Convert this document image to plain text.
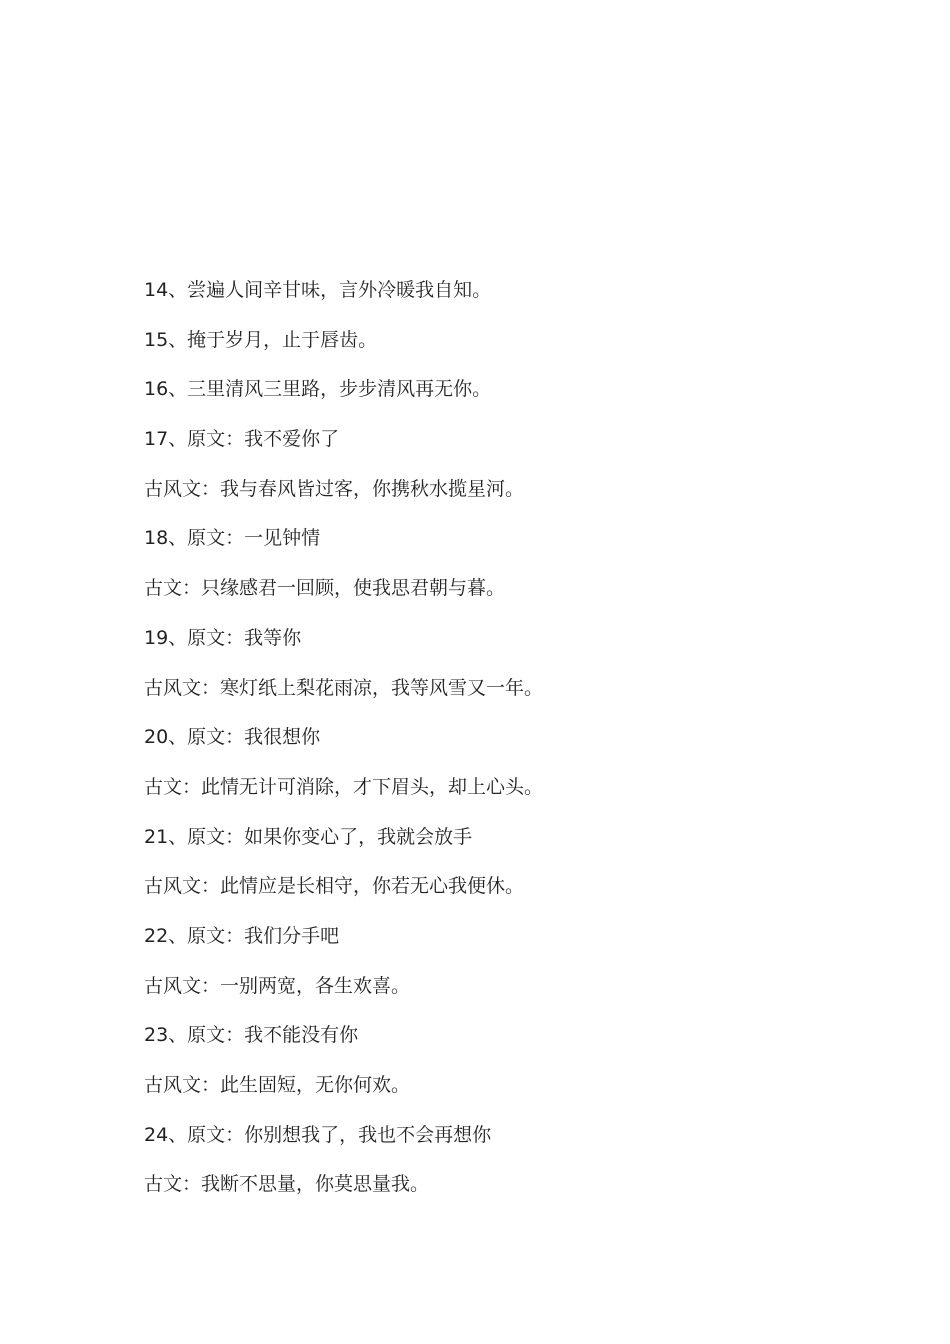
14、尝遍人间辛甘味，言外冷暖我自知。

15、掩于岁月，止于唇齿。

16、三里清风三里路，步步清风再无你。

17、原文：我不爱你了

古风文：我与春风皆过客，你携秋水揽星河。

18、原文：一见钟情

古文：只缘感君一回顾，使我思君朝与暮。

19、原文：我等你

古风文：寒灯纸上梨花雨凉，我等风雪又一年。

20、原文：我很想你

古文：此情无计可消除，才下眉头，却上心头。

21、原文：如果你变心了，我就会放手

古风文：此情应是长相守，你若无心我便休。

22、原文：我们分手吧

古风文：一别两宽，各生欢喜。

23、原文：我不能没有你

古风文：此生固短，无你何欢。

24、原文：你别想我了，我也不会再想你

古文：我断不思量，你莫思量我。
